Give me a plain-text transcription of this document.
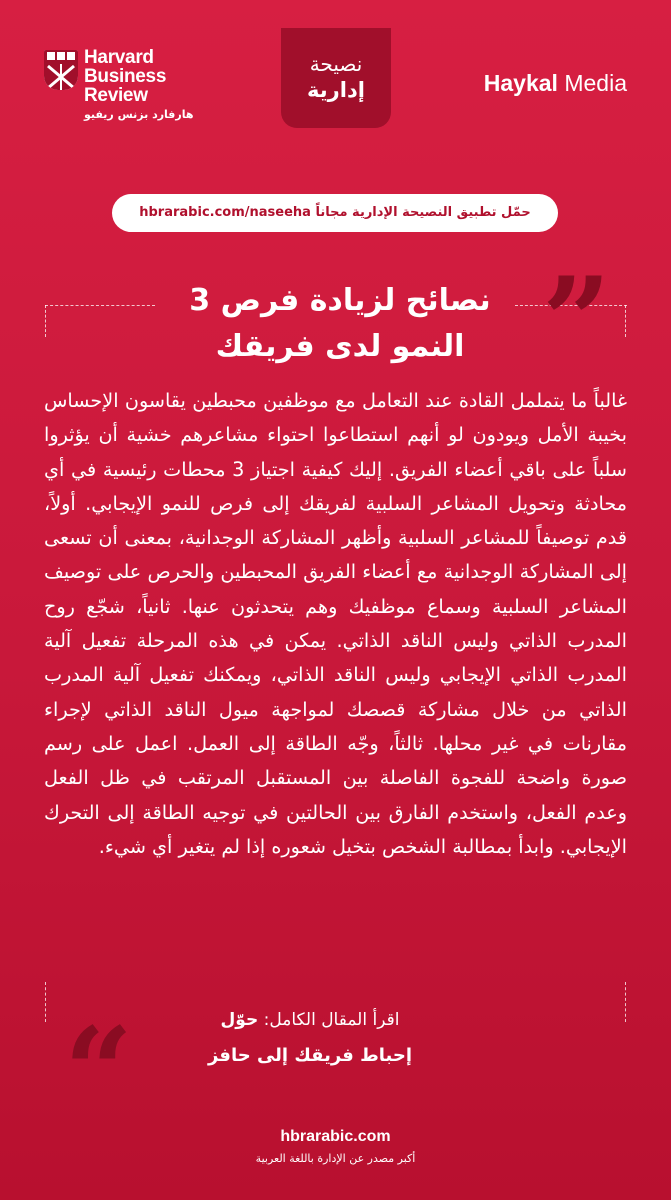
Harvard
Business
Review
هارفارد بزنس ريفيو
نصيحة
إدارية	Haykal Media
hbrarabic.com/naseeha حمّل تطبيق النصيحة الإدارية مجاناً
”
3 نصائح لزيادة فرص
النمو لدى فريقك
غالباً ما يتململ القادة عند التعامل مع موظفين محبطين يقاسون الإحساس بخيبة الأمل ويودون لو أنهم استطاعوا احتواء مشاعرهم خشية أن يؤثروا سلباً على باقي أعضاء الفريق. إليك كيفية اجتياز 3 محطات رئيسية في أي محادثة وتحويل المشاعر السلبية لفريقك إلى فرص للنمو الإيجابي. أولاً، قدم توصيفاً للمشاعر السلبية وأظهر المشاركة الوجدانية، بمعنى أن تسعى إلى المشاركة الوجدانية مع أعضاء الفريق المحبطين والحرص على توصيف المشاعر السلبية وسماع موظفيك وهم يتحدثون عنها. ثانياً، شجّع روح المدرب الذاتي وليس الناقد الذاتي. يمكن في هذه المرحلة تفعيل آلية المدرب الذاتي الإيجابي وليس الناقد الذاتي، ويمكنك تفعيل آلية المدرب الذاتي من خلال مشاركة قصصك لمواجهة ميول الناقد الذاتي لإجراء مقارنات في غير محلها. ثالثاً، وجّه الطاقة إلى العمل. اعمل على رسم صورة واضحة للفجوة الفاصلة بين المستقبل المرتقب في ظل الفعل وعدم الفعل، واستخدم الفارق بين الحالتين في توجيه الطاقة إلى التحرك الإيجابي. وابدأ بمطالبة الشخص بتخيل شعوره إذا لم يتغير أي شيء.
“	اقرأ المقال الكامل: حوّل
إحباط فريقك إلى حافز
hbrarabic.com
أكبر مصدر عن الإدارة باللغة العربية
